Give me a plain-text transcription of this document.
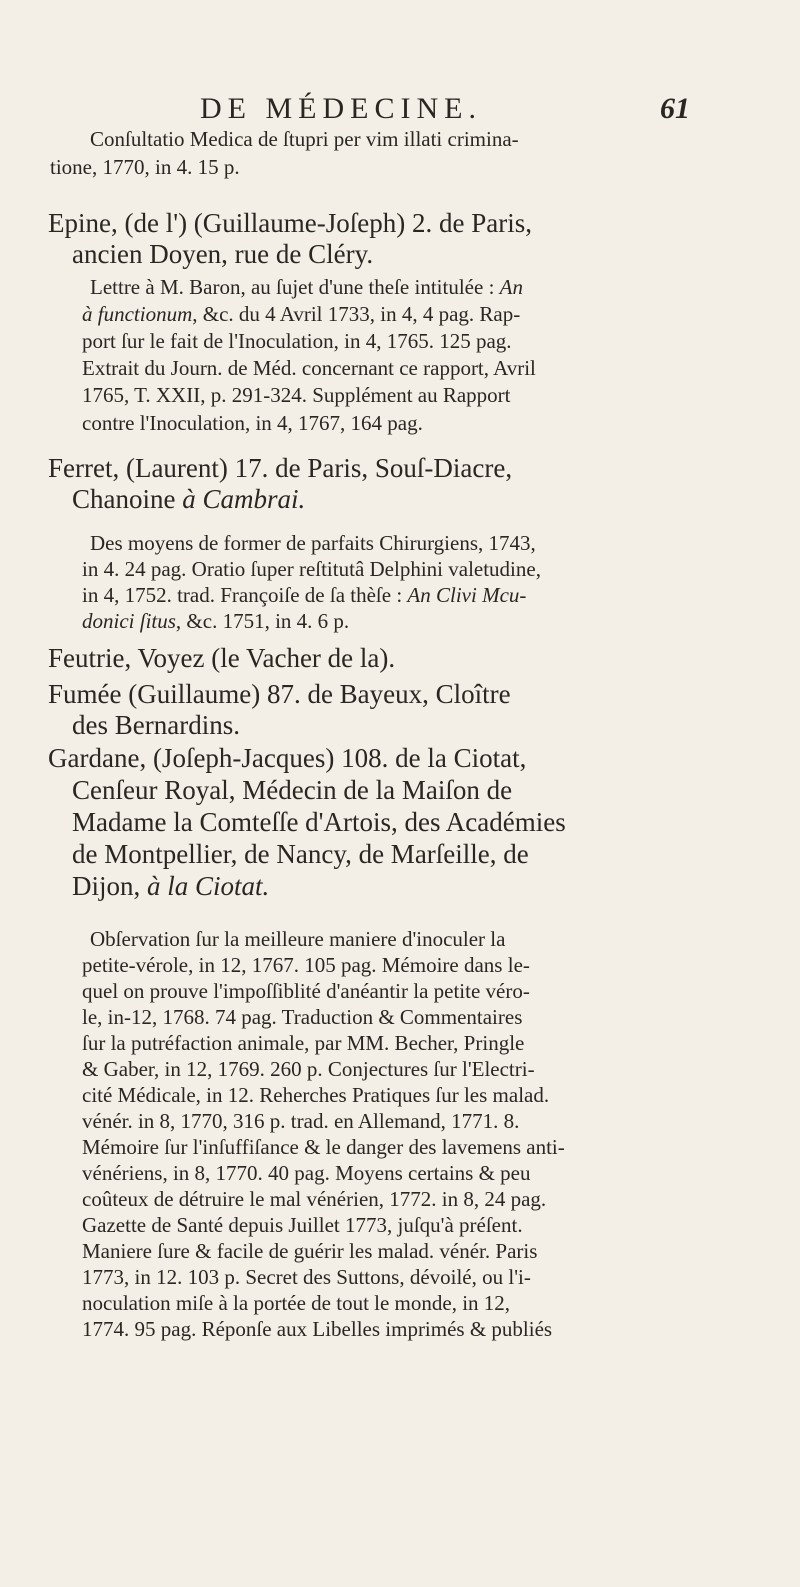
DE MÉDECINE.	61
Conſultatio Medica de ſtupri per vim illati crimina-
tione, 1770, in 4. 15 p.
Epine, (de l') (Guillaume-Joſeph) 2. de Paris,
ancien Doyen, rue de Cléry.
Lettre à M. Baron, au ſujet d'une theſe intitulée : An
à functionum, &c. du 4 Avril 1733, in 4, 4 pag. Rap-
port ſur le fait de l'Inoculation, in 4, 1765. 125 pag.
Extrait du Journ. de Méd. concernant ce rapport, Avril
1765, T. XXII, p. 291-324. Supplément au Rapport
contre l'Inoculation, in 4, 1767, 164 pag.
Ferret, (Laurent) 17. de Paris, Souſ-Diacre,
Chanoine à Cambrai.
Des moyens de former de parfaits Chirurgiens, 1743,
in 4. 24 pag. Oratio ſuper reſtitutâ Delphini valetudine,
in 4, 1752. trad. Françoiſe de ſa thèſe : An Clivi Mcu-
donici ſitus, &c. 1751, in 4. 6 p.
Feutrie, Voyez (le Vacher de la).
Fumée (Guillaume) 87. de Bayeux, Cloître
des Bernardins.
Gardane, (Joſeph-Jacques) 108. de la Ciotat,
Cenſeur Royal, Médecin de la Maiſon de
Madame la Comteſſe d'Artois, des Académies
de Montpellier, de Nancy, de Marſeille, de
Dijon, à la Ciotat.
Obſervation ſur la meilleure maniere d'inoculer la
petite-vérole, in 12, 1767. 105 pag. Mémoire dans le-
quel on prouve l'impoſſiblité d'anéantir la petite véro-
le, in-12, 1768. 74 pag. Traduction & Commentaires
ſur la putréfaction animale, par MM. Becher, Pringle
& Gaber, in 12, 1769. 260 p. Conjectures ſur l'Electri-
cité Médicale, in 12. Reherches Pratiques ſur les malad.
vénér. in 8, 1770, 316 p. trad. en Allemand, 1771. 8.
Mémoire ſur l'inſuffiſance & le danger des lavemens anti-
vénériens, in 8, 1770. 40 pag. Moyens certains & peu
coûteux de détruire le mal vénérien, 1772. in 8, 24 pag.
Gazette de Santé depuis Juillet 1773, juſqu'à préſent.
Maniere ſure & facile de guérir les malad. vénér. Paris
1773, in 12. 103 p. Secret des Suttons, dévoilé, ou l'i-
noculation miſe à la portée de tout le monde, in 12,
1774. 95 pag. Réponſe aux Libelles imprimés & publiés
